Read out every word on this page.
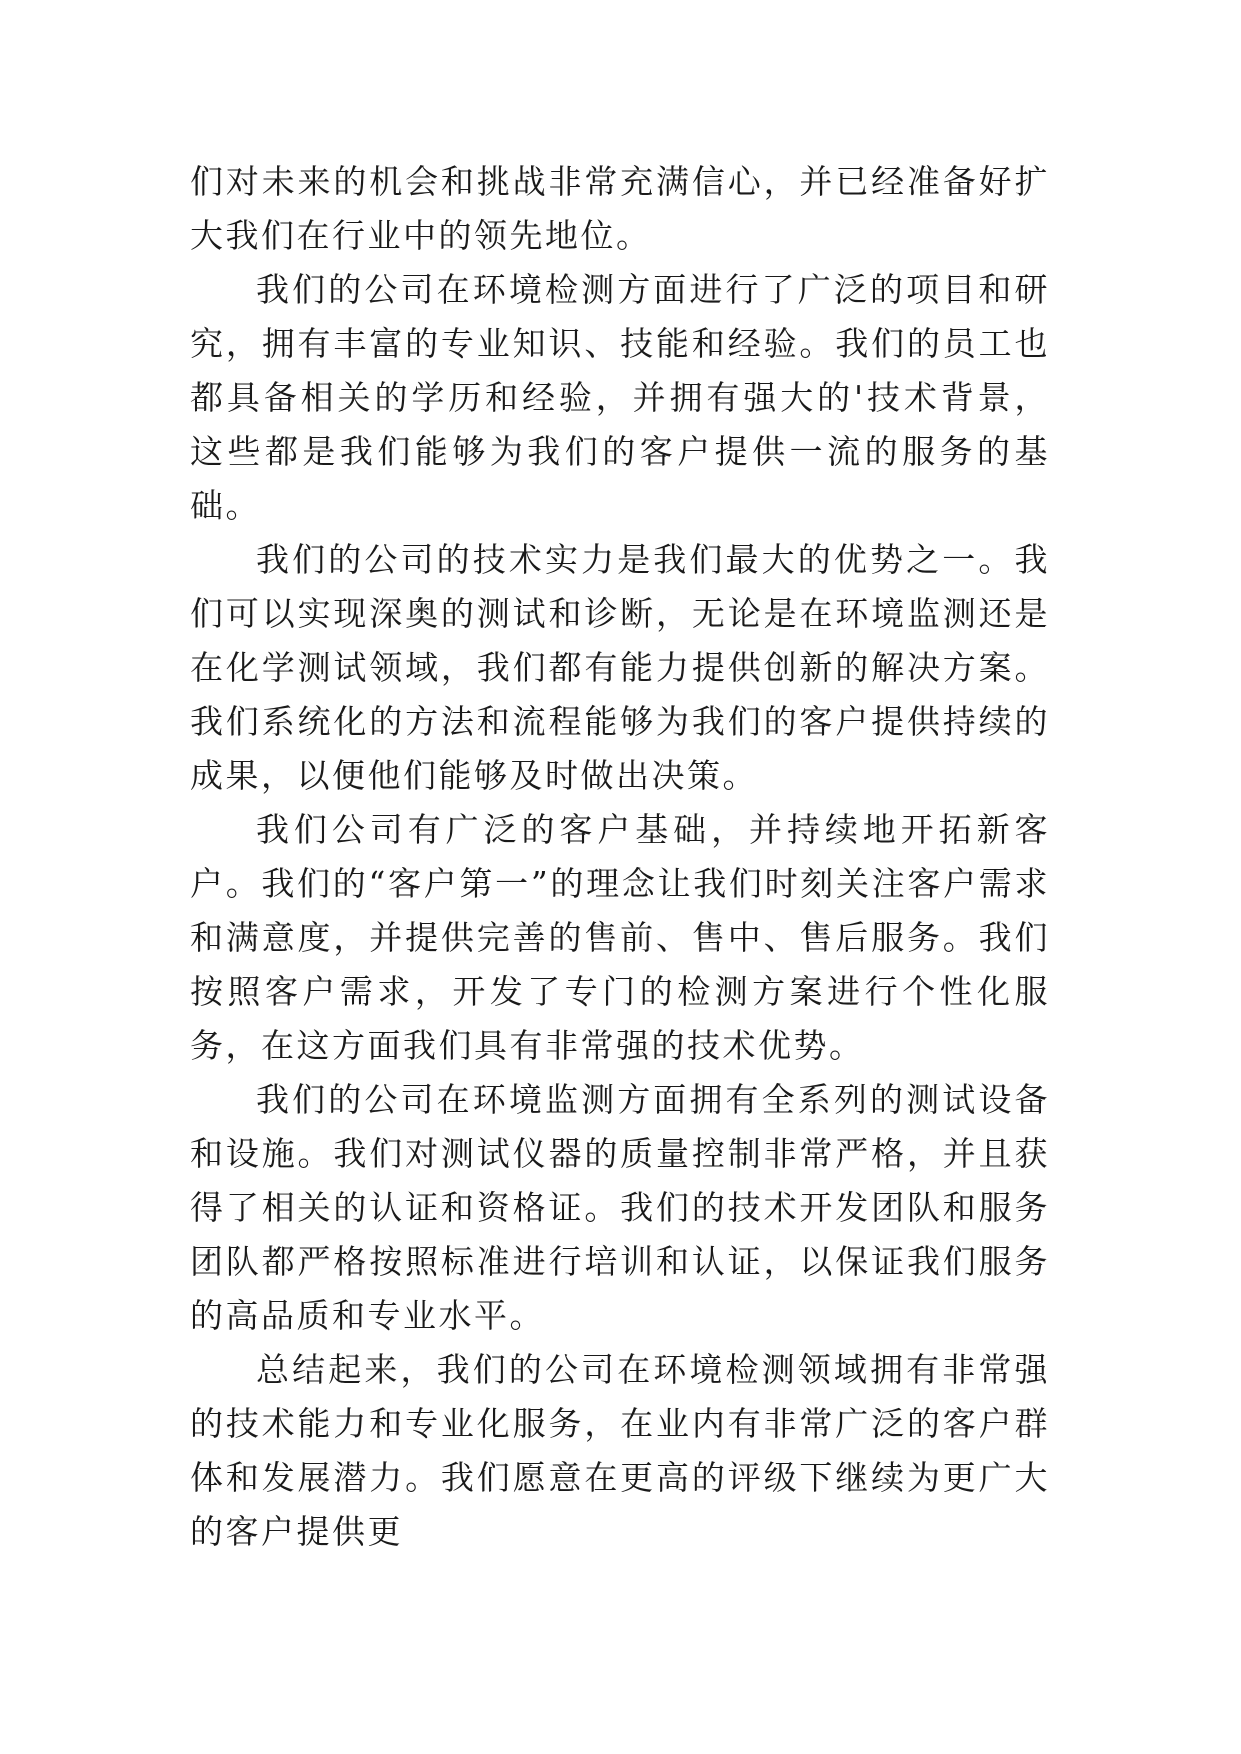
们对未来的机会和挑战非常充满信心，并已经准备好扩大我们在行业中的领先地位。

我们的公司在环境检测方面进行了广泛的项目和研究，拥有丰富的专业知识、技能和经验。我们的员工也都具备相关的学历和经验，并拥有强大的'技术背景，这些都是我们能够为我们的客户提供一流的服务的基础。

我们的公司的技术实力是我们最大的优势之一。我们可以实现深奥的测试和诊断，无论是在环境监测还是在化学测试领域，我们都有能力提供创新的解决方案。我们系统化的方法和流程能够为我们的客户提供持续的成果，以便他们能够及时做出决策。

我们公司有广泛的客户基础，并持续地开拓新客户。我们的“客户第一”的理念让我们时刻关注客户需求和满意度，并提供完善的售前、售中、售后服务。我们按照客户需求，开发了专门的检测方案进行个性化服务，在这方面我们具有非常强的技术优势。

我们的公司在环境监测方面拥有全系列的测试设备和设施。我们对测试仪器的质量控制非常严格，并且获得了相关的认证和资格证。我们的技术开发团队和服务团队都严格按照标准进行培训和认证，以保证我们服务的高品质和专业水平。

总结起来，我们的公司在环境检测领域拥有非常强的技术能力和专业化服务，在业内有非常广泛的客户群体和发展潜力。我们愿意在更高的评级下继续为更广大的客户提供更
